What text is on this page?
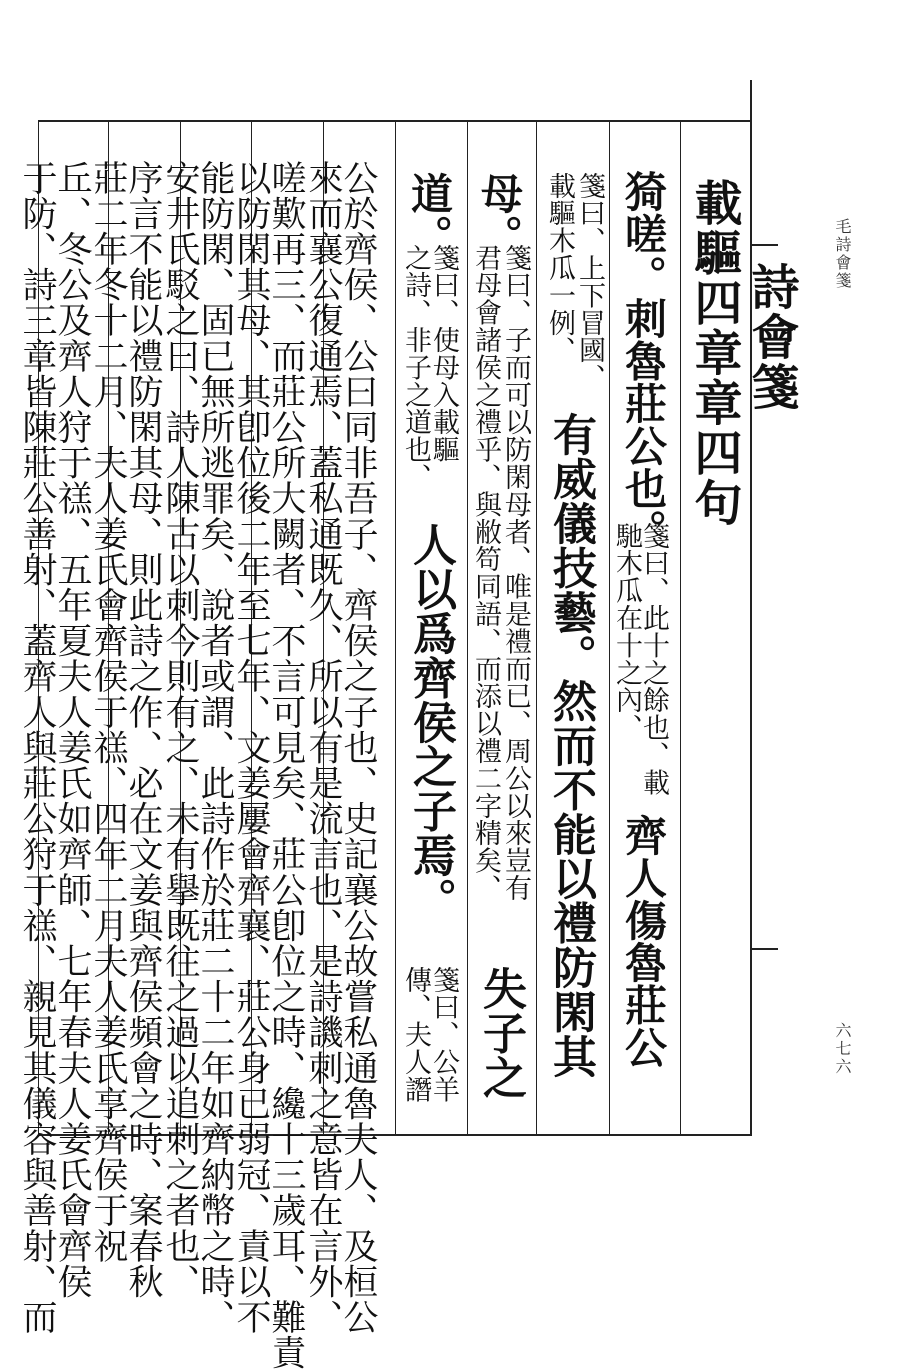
毛詩會箋
六七六
詩會箋
載驅四章章四句
猗嗟。刺魯莊公也。
箋曰、此十之餘也、載
馳木瓜在十之內、
齊人傷魯莊公
箋曰、上下冒國、
載驅木瓜一例、
有威儀技藝。然而不能以禮防閑其
母。
箋曰、子而可以防閑母者、唯是禮而已、周公以來豈有
君母會諸侯之禮乎、與敝笱同語、而添以禮二字精矣、
失子之
道。
箋曰、使母入載驅
之詩、非子之道也、
人以爲齊侯之子焉。
箋曰、公羊
傳、夫人譖
公於齊侯、公曰同非吾子、齊侯之子也、史記襄公故嘗私通魯夫人、及桓公
來而襄公復通焉、蓋私通既久、所以有是流言也、是詩譏刺之意皆在言外、
嗟歎再三、而莊公所大闕者、不言可見矣、莊公卽位之時、纔十三歲耳、難責
以防閑其母、其卽位後二年至七年、文姜屢會齊襄、莊公身已弱冠、責以不
能防閑、固已無所逃罪矣、說者或謂、此詩作於莊二十二年如齊納幣之時、
安井氏駁之曰、詩人陳古以刺今則有之、未有擧既往之過以追刺之者也、
序言不能以禮防閑其母、則此詩之作、必在文姜與齊侯頻會之時、案春秋
莊二年冬十二月、夫人姜氏會齊侯于禚、四年二月夫人姜氏享齊侯于祝
丘、冬公及齊人狩于禚、五年夏夫人姜氏如齊師、七年春夫人姜氏會齊侯
于防、詩三章皆陳莊公善射、蓋齊人與莊公狩于禚、親見其儀容與善射、而
